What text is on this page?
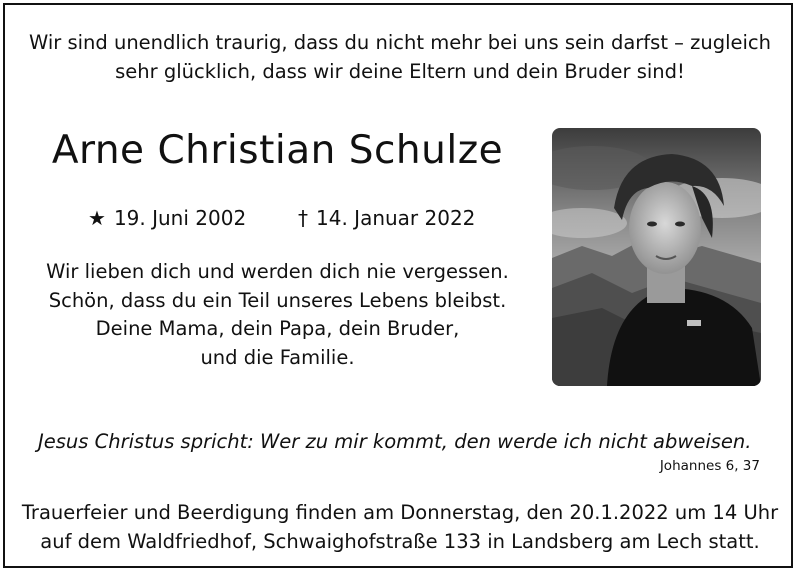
Wir sind unendlich traurig, dass du nicht mehr bei uns sein darfst – zugleich
sehr glücklich, dass wir deine Eltern und dein Bruder sind!
Arne Christian Schulze
★ 19. Juni 2002	† 14. Januar 2022
Wir lieben dich und werden dich nie vergessen.
Schön, dass du ein Teil unseres Lebens bleibst.
Deine Mama, dein Papa, dein Bruder,
und die Familie.
Jesus Christus spricht: Wer zu mir kommt, den werde ich nicht abweisen.
Johannes 6, 37
Trauerfeier und Beerdigung finden am Donnerstag, den 20.1.2022 um 14 Uhr
auf dem Waldfriedhof, Schwaighofstraße 133 in Landsberg am Lech statt.
